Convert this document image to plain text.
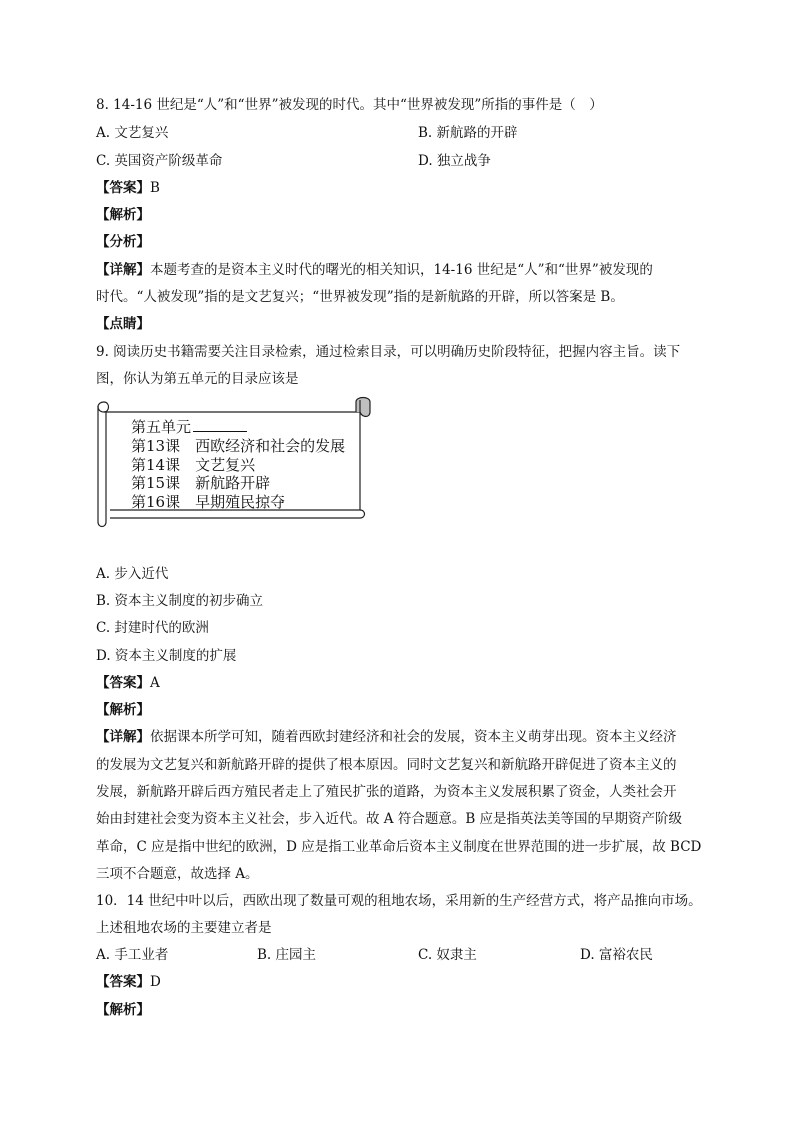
8. 14-16 世纪是“人”和“世界”被发现的时代。其中“世界被发现”所指的事件是（　）
A. 文艺复兴	B. 新航路的开辟
C. 英国资产阶级革命	D. 独立战争
【答案】B
【解析】
【分析】
【详解】本题考查的是资本主义时代的曙光的相关知识，14-16 世纪是“人”和“世界”被发现的
时代。“人被发现”指的是文艺复兴；“世界被发现”指的是新航路的开辟，所以答案是 B。
【点睛】
9. 阅读历史书籍需要关注目录检索，通过检索目录，可以明确历史阶段特征，把握内容主旨。读下
图，你认为第五单元的目录应该是
第五单元
第13课　西欧经济和社会的发展
第14课　文艺复兴
第15课　新航路开辟
第16课　早期殖民掠夺
A. 步入近代
B. 资本主义制度的初步确立
C. 封建时代的欧洲
D. 资本主义制度的扩展
【答案】A
【解析】
【详解】依据课本所学可知，随着西欧封建经济和社会的发展，资本主义萌芽出现。资本主义经济
的发展为文艺复兴和新航路开辟的提供了根本原因。同时文艺复兴和新航路开辟促进了资本主义的
发展，新航路开辟后西方殖民者走上了殖民扩张的道路，为资本主义发展积累了资金，人类社会开
始由封建社会变为资本主义社会，步入近代。故 A 符合题意。B 应是指英法美等国的早期资产阶级
革命，C 应是指中世纪的欧洲，D 应是指工业革命后资本主义制度在世界范围的进一步扩展，故 BCD
三项不合题意，故选择 A。
10．14 世纪中叶以后，西欧出现了数量可观的租地农场，采用新的生产经营方式，将产品推向市场。
上述租地农场的主要建立者是
A. 手工业者	B. 庄园主	C. 奴隶主	D. 富裕农民
【答案】D
【解析】
